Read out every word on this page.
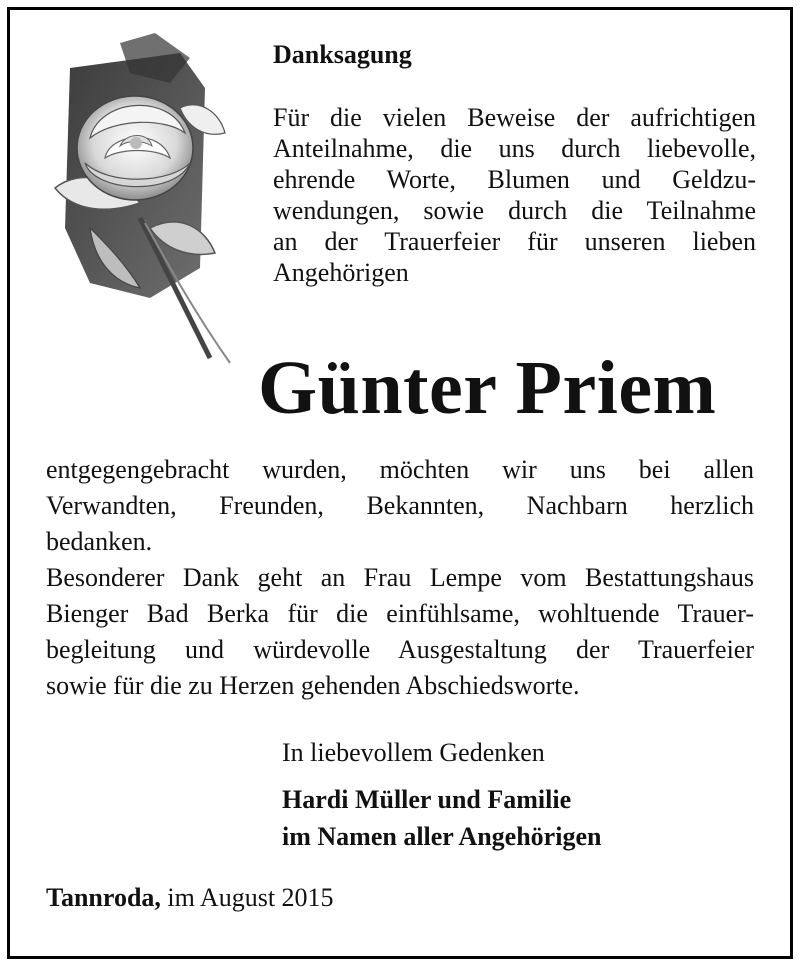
Danksagung
Für die vielen Beweise der aufrichtigen
Anteilnahme, die uns durch liebevolle,
ehrende Worte, Blumen und Geldzu-
wendungen, sowie durch die Teilnahme
an der Trauerfeier für unseren lieben
Angehörigen
Günter Priem
entgegengebracht wurden, möchten wir uns bei allen
Verwandten, Freunden, Bekannten, Nachbarn herzlich
bedanken.
Besonderer Dank geht an Frau Lempe vom Bestattungshaus
Bienger Bad Berka für die einfühlsame, wohltuende Trauer-
begleitung und würdevolle Ausgestaltung der Trauerfeier
sowie für die zu Herzen gehenden Abschiedsworte.
In liebevollem Gedenken
Hardi Müller und Familie
im Namen aller Angehörigen
Tannroda, im August 2015
